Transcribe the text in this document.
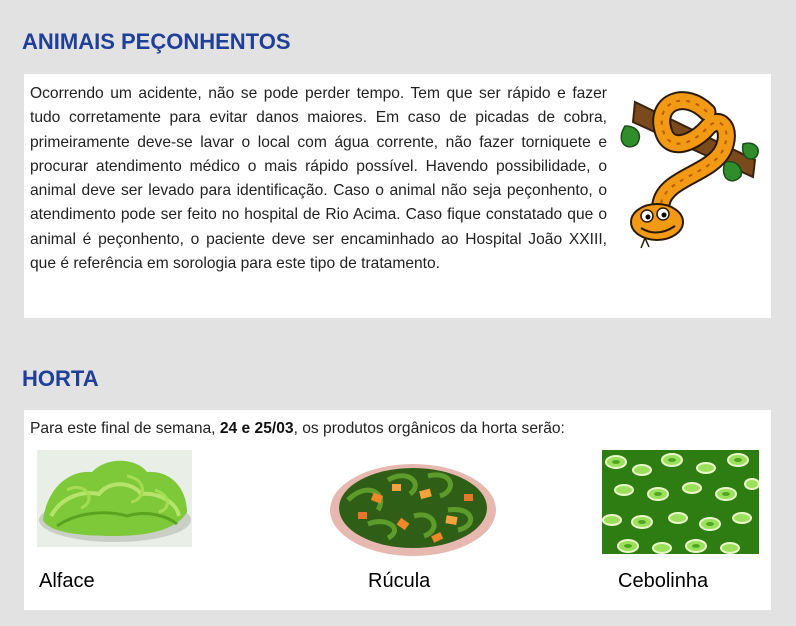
ANIMAIS PEÇONHENTOS

Ocorrendo um acidente, não se pode perder tempo. Tem que ser rápido e fazer tudo corretamente para evitar danos maiores. Em caso de picadas de cobra, primeiramente deve-se lavar o local com água corrente, não fazer torniquete e procurar atendimento médico o mais rápido possível. Havendo possibilidade, o animal deve ser levado para identificação. Caso o animal não seja peçonhento, o atendimento pode ser feito no hospital de Rio Acima. Caso fique constatado que o animal é peçonhento, o paciente deve ser encaminhado ao Hospital João XXIII, que é referência em sorologia para este tipo de tratamento.

HORTA

Para este final de semana, 24 e 25/03, os produtos orgânicos da horta serão:

Alface	Rúcula	Cebolinha
